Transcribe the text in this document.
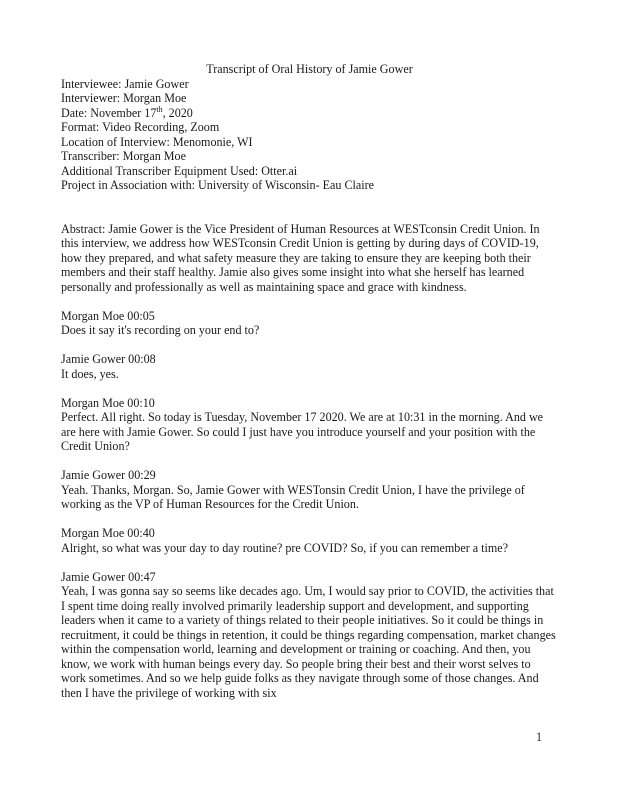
Transcript of Oral History of Jamie Gower
Interviewee: Jamie Gower
Interviewer: Morgan Moe
Date: November 17th, 2020
Format: Video Recording, Zoom
Location of Interview: Menomonie, WI
Transcriber: Morgan Moe
Additional Transcriber Equipment Used: Otter.ai
Project in Association with: University of Wisconsin- Eau Claire

Abstract: Jamie Gower is the Vice President of Human Resources at WESTconsin Credit Union. In this interview, we address how WESTconsin Credit Union is getting by during days of COVID-19, how they prepared, and what safety measure they are taking to ensure they are keeping both their members and their staff healthy. Jamie also gives some insight into what she herself has learned personally and professionally as well as maintaining space and grace with kindness.

Morgan Moe 00:05
Does it say it's recording on your end to?
Jamie Gower 00:08
It does, yes.
Morgan Moe 00:10
Perfect. All right. So today is Tuesday, November 17 2020. We are at 10:31 in the morning. And we are here with Jamie Gower. So could I just have you introduce yourself and your position with the Credit Union?
Jamie Gower 00:29
Yeah. Thanks, Morgan. So, Jamie Gower with WESTonsin Credit Union, I have the privilege of working as the VP of Human Resources for the Credit Union.
Morgan Moe 00:40
Alright, so what was your day to day routine? pre COVID? So, if you can remember a time?
Jamie Gower 00:47
Yeah, I was gonna say so seems like decades ago. Um, I would say prior to COVID, the activities that I spent time doing really involved primarily leadership support and development, and supporting leaders when it came to a variety of things related to their people initiatives. So it could be things in recruitment, it could be things in retention, it could be things regarding compensation, market changes within the compensation world, learning and development or training or coaching. And then, you know, we work with human beings every day. So people bring their best and their worst selves to work sometimes. And so we help guide folks as they navigate through some of those changes. And then I have the privilege of working with six
1
